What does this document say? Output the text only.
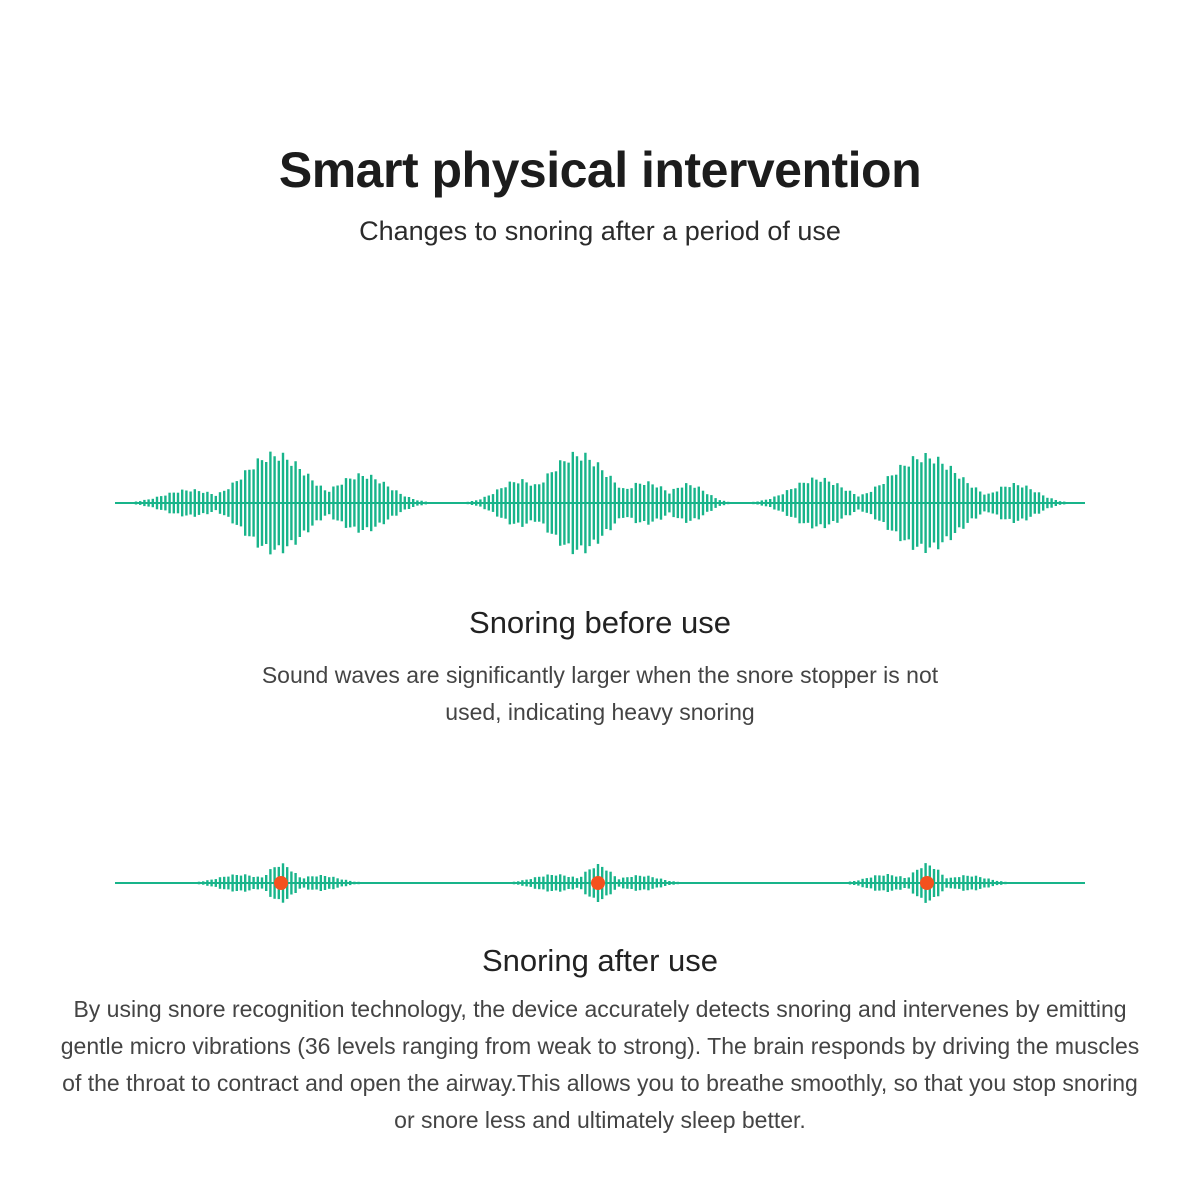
Smart physical intervention
Changes to snoring after a period of use
Snoring before use
Sound waves are significantly larger when the snore stopper is not used, indicating heavy snoring
Snoring after use
By using snore recognition technology, the device accurately detects snoring and intervenes by emitting gentle micro vibrations (36 levels ranging from weak to strong). The brain responds by driving the muscles of the throat to contract and open the airway.This allows you to breathe smoothly, so that you stop snoring or snore less and ultimately sleep better.
